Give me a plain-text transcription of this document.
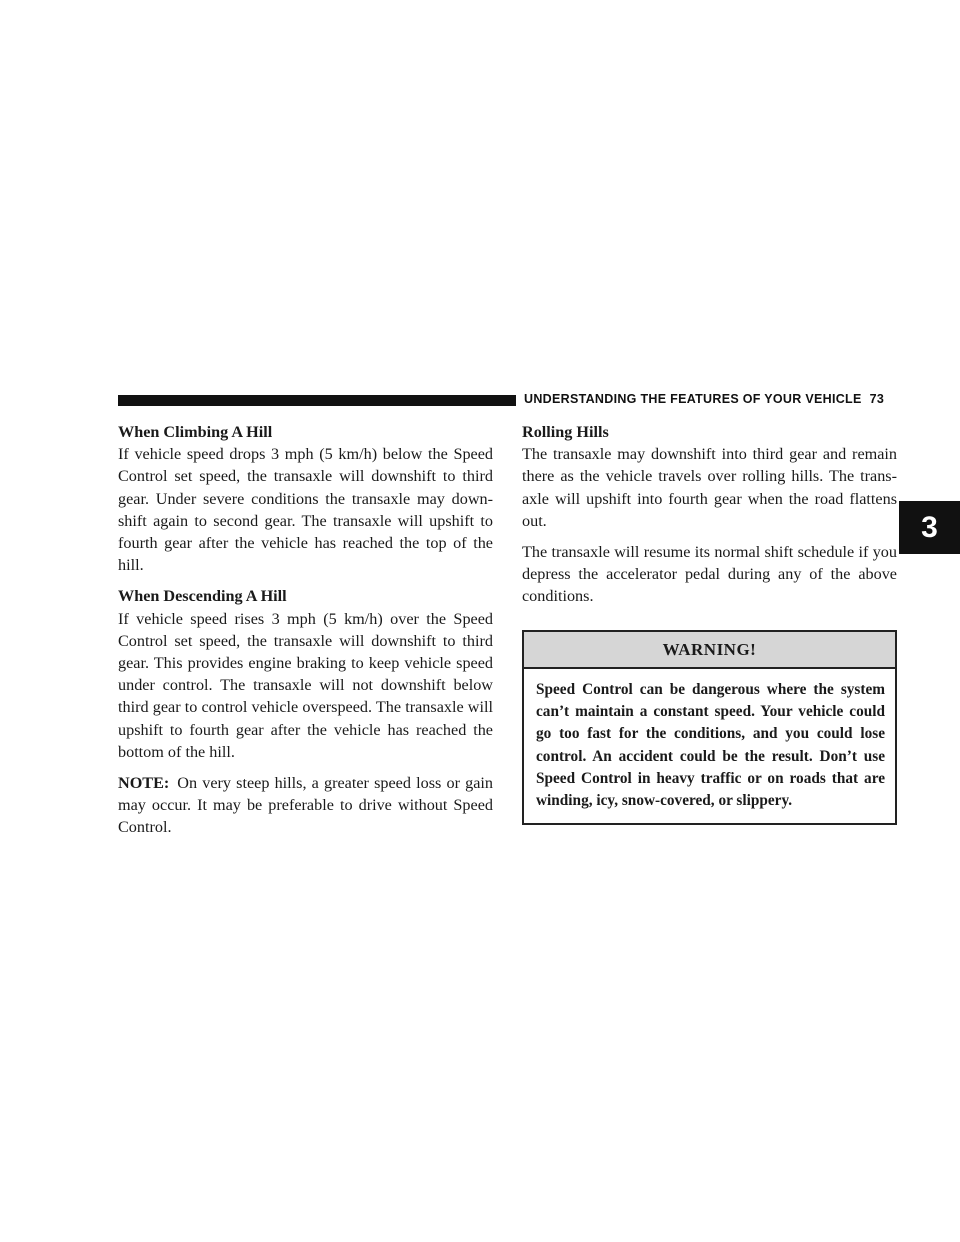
UNDERSTANDING THE FEATURES OF YOUR VEHICLE 73
3
When Climbing A Hill

If vehicle speed drops 3 mph (5 km/h) below the Speed Control set speed, the transaxle will downshift to third gear. Under severe conditions the transaxle may down-shift again to second gear. The transaxle will upshift to fourth gear after the vehicle has reached the top of the hill.

When Descending A Hill

If vehicle speed rises 3 mph (5 km/h) over the Speed Control set speed, the transaxle will downshift to third gear. This provides engine braking to keep vehicle speed under control. The transaxle will not downshift below third gear to control vehicle overspeed. The transaxle will upshift to fourth gear after the vehicle has reached the bottom of the hill.

NOTE: On very steep hills, a greater speed loss or gain may occur. It may be preferable to drive without Speed Control.

Rolling Hills

The transaxle may downshift into third gear and remain there as the vehicle travels over rolling hills. The trans-axle will upshift into fourth gear when the road flattens out.

The transaxle will resume its normal shift schedule if you depress the accelerator pedal during any of the above conditions.

WARNING!
Speed Control can be dangerous where the system can’t maintain a constant speed. Your vehicle could go too fast for the conditions, and you could lose control. An accident could be the result. Don’t use Speed Control in heavy traffic or on roads that are winding, icy, snow-covered, or slippery.
